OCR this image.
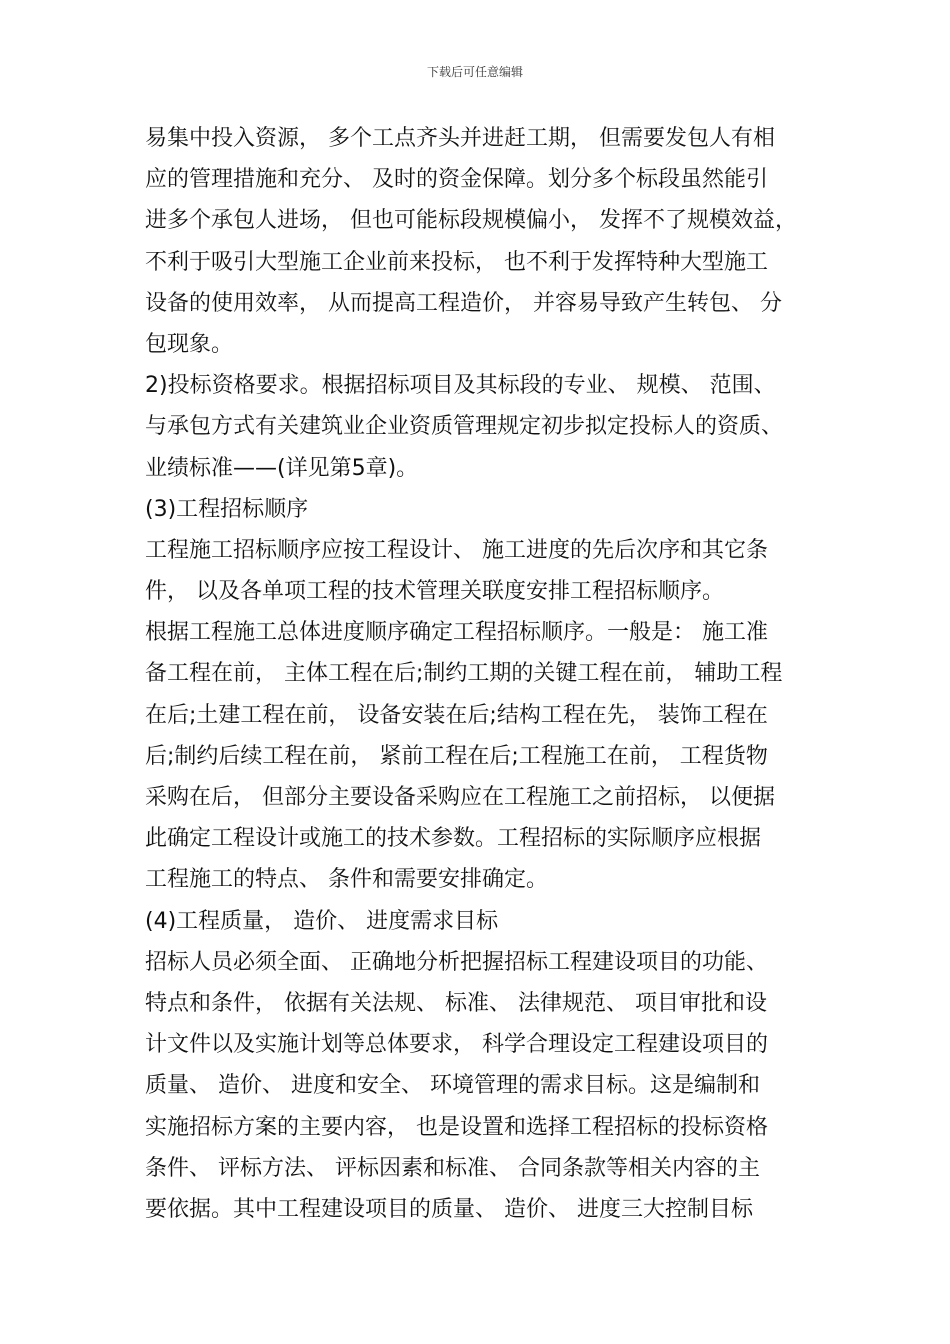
下载后可任意编辑
易集中投入资源， 多个工点齐头并进赶工期， 但需要发包人有相
应的管理措施和充分、 及时的资金保障。划分多个标段虽然能引
进多个承包人进场， 但也可能标段规模偏小， 发挥不了规模效益，
不利于吸引大型施工企业前来投标， 也不利于发挥特种大型施工
设备的使用效率， 从而提高工程造价， 并容易导致产生转包、 分
包现象。
2)投标资格要求。根据招标项目及其标段的专业、 规模、 范围、
与承包方式有关建筑业企业资质管理规定初步拟定投标人的资质、
业绩标准——(详见第5章)。
(3)工程招标顺序
工程施工招标顺序应按工程设计、 施工进度的先后次序和其它条
件， 以及各单项工程的技术管理关联度安排工程招标顺序。
根据工程施工总体进度顺序确定工程招标顺序。一般是： 施工准
备工程在前， 主体工程在后;制约工期的关键工程在前， 辅助工程
在后;土建工程在前， 设备安装在后;结构工程在先， 装饰工程在
后;制约后续工程在前， 紧前工程在后;工程施工在前， 工程货物
采购在后， 但部分主要设备采购应在工程施工之前招标， 以便据
此确定工程设计或施工的技术参数。工程招标的实际顺序应根据
工程施工的特点、 条件和需要安排确定。
(4)工程质量， 造价、 进度需求目标
招标人员必须全面、 正确地分析把握招标工程建设项目的功能、
特点和条件， 依据有关法规、 标准、 法律规范、 项目审批和设
计文件以及实施计划等总体要求， 科学合理设定工程建设项目的
质量、 造价、 进度和安全、 环境管理的需求目标。这是编制和
实施招标方案的主要内容， 也是设置和选择工程招标的投标资格
条件、 评标方法、 评标因素和标准、 合同条款等相关内容的主
要依据。其中工程建设项目的质量、 造价、 进度三大控制目标
